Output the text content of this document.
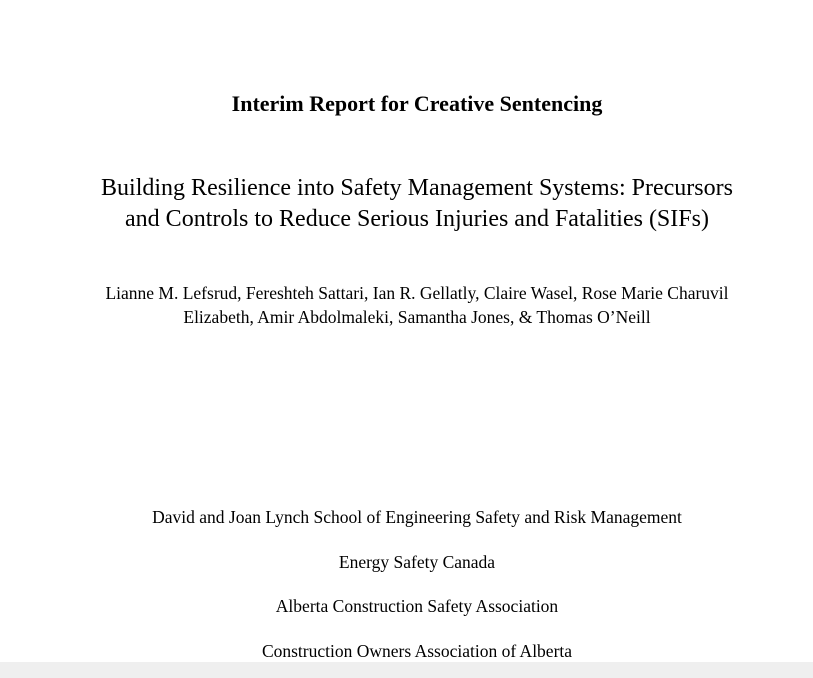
Interim Report for Creative Sentencing
Building Resilience into Safety Management Systems: Precursors
and Controls to Reduce Serious Injuries and Fatalities (SIFs)
Lianne M. Lefsrud, Fereshteh Sattari, Ian R. Gellatly, Claire Wasel, Rose Marie Charuvil
Elizabeth, Amir Abdolmaleki, Samantha Jones, & Thomas O’Neill
David and Joan Lynch School of Engineering Safety and Risk Management
Energy Safety Canada
Alberta Construction Safety Association
Construction Owners Association of Alberta
